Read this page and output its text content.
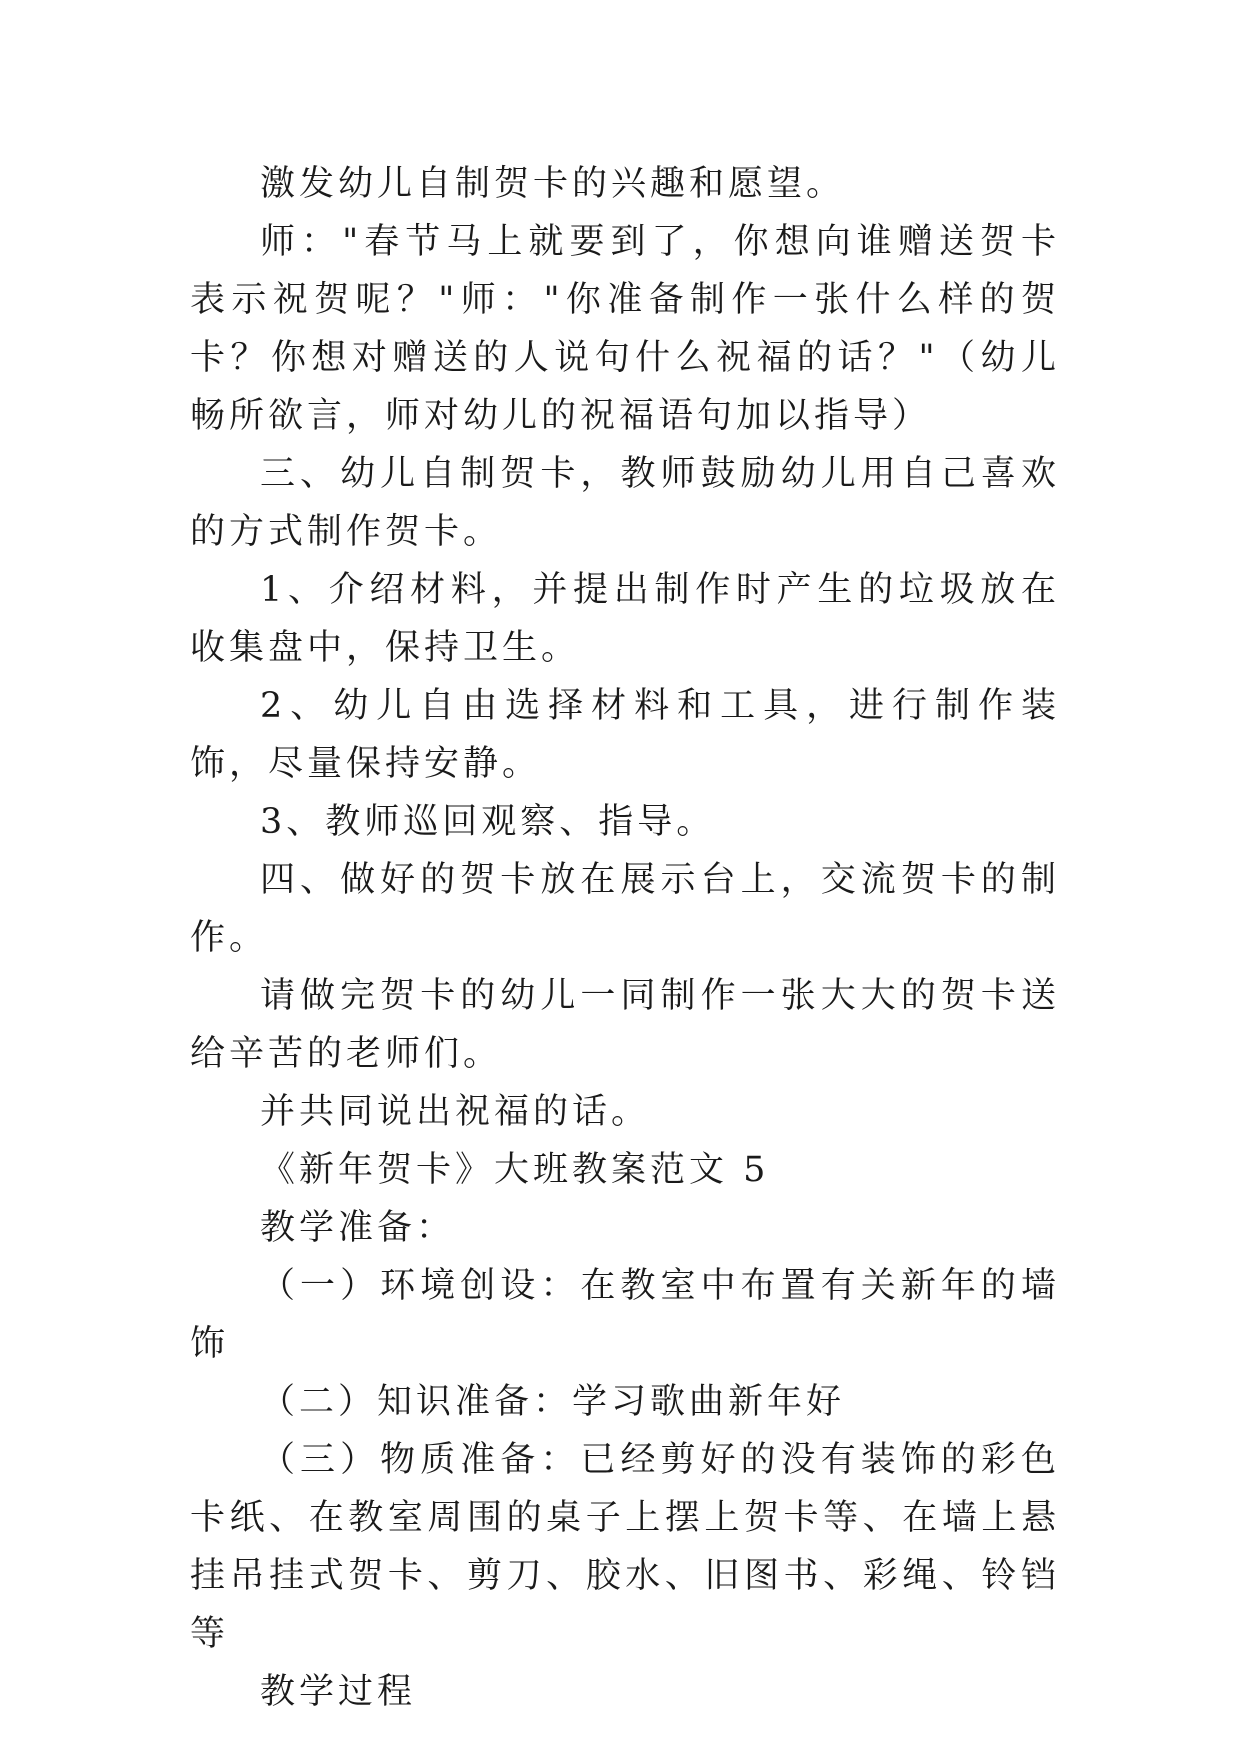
激发幼儿自制贺卡的兴趣和愿望。

师："春节马上就要到了，你想向谁赠送贺卡表示祝贺呢？"师："你准备制作一张什么样的贺卡？你想对赠送的人说句什么祝福的话？"（幼儿畅所欲言，师对幼儿的祝福语句加以指导）

三、幼儿自制贺卡，教师鼓励幼儿用自己喜欢的方式制作贺卡。

1、介绍材料，并提出制作时产生的垃圾放在收集盘中，保持卫生。

2、幼儿自由选择材料和工具，进行制作装饰，尽量保持安静。

3、教师巡回观察、指导。

四、做好的贺卡放在展示台上，交流贺卡的制作。

请做完贺卡的幼儿一同制作一张大大的贺卡送给辛苦的老师们。

并共同说出祝福的话。

《新年贺卡》大班教案范文 5

教学准备：

（一）环境创设：在教室中布置有关新年的墙饰

（二）知识准备：学习歌曲新年好

（三）物质准备：已经剪好的没有装饰的彩色卡纸、在教室周围的桌子上摆上贺卡等、在墙上悬挂吊挂式贺卡、剪刀、胶水、旧图书、彩绳、铃铛等

教学过程
